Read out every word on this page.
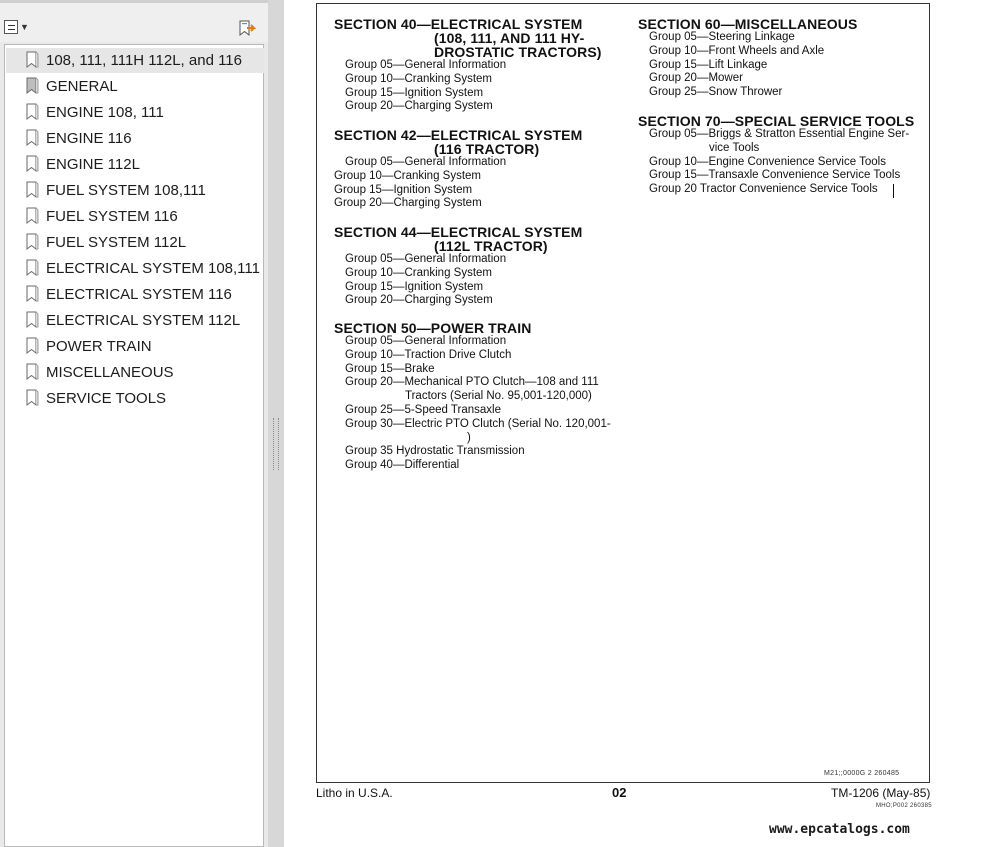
▼
108, 111, 111H 112L, and 116
GENERAL
ENGINE 108, 111
ENGINE 116
ENGINE 112L
FUEL SYSTEM 108,111
FUEL SYSTEM 116
FUEL SYSTEM 112L
ELECTRICAL SYSTEM 108,111
ELECTRICAL SYSTEM 116
ELECTRICAL SYSTEM 112L
POWER TRAIN
MISCELLANEOUS
SERVICE TOOLS
SECTION 40—ELECTRICAL SYSTEM
(108, 111, AND 111 HY-
DROSTATIC TRACTORS)
Group 05—General Information
Group 10—Cranking System
Group 15—Ignition System
Group 20—Charging System
SECTION 42—ELECTRICAL SYSTEM
(116 TRACTOR)
Group 05—General Information
Group 10—Cranking System
Group 15—Ignition System
Group 20—Charging System
SECTION 44—ELECTRICAL SYSTEM
(112L TRACTOR)
Group 05—General Information
Group 10—Cranking System
Group 15—Ignition System
Group 20—Charging System
SECTION 50—POWER TRAIN
Group 05—General Information
Group 10—Traction Drive Clutch
Group 15—Brake
Group 20—Mechanical PTO Clutch—108 and 111
Tractors (Serial No. 95,001-120,000)
Group 25—5-Speed Transaxle
Group 30—Electric PTO Clutch (Serial No. 120,001-
)
Group 35 Hydrostatic Transmission
Group 40—Differential
SECTION 60—MISCELLANEOUS
Group 05—Steering Linkage
Group 10—Front Wheels and Axle
Group 15—Lift Linkage
Group 20—Mower
Group 25—Snow Thrower
SECTION 70—SPECIAL SERVICE TOOLS
Group 05—Briggs & Stratton Essential Engine Ser-
vice Tools
Group 10—Engine Convenience Service Tools
Group 15—Transaxle Convenience Service Tools
Group 20 Tractor Convenience Service Tools
M21;;0000G 2 260485
Litho in U.S.A.	02	TM-1206 (May-85)
MHO;P002 260385
www.epcatalogs.com
